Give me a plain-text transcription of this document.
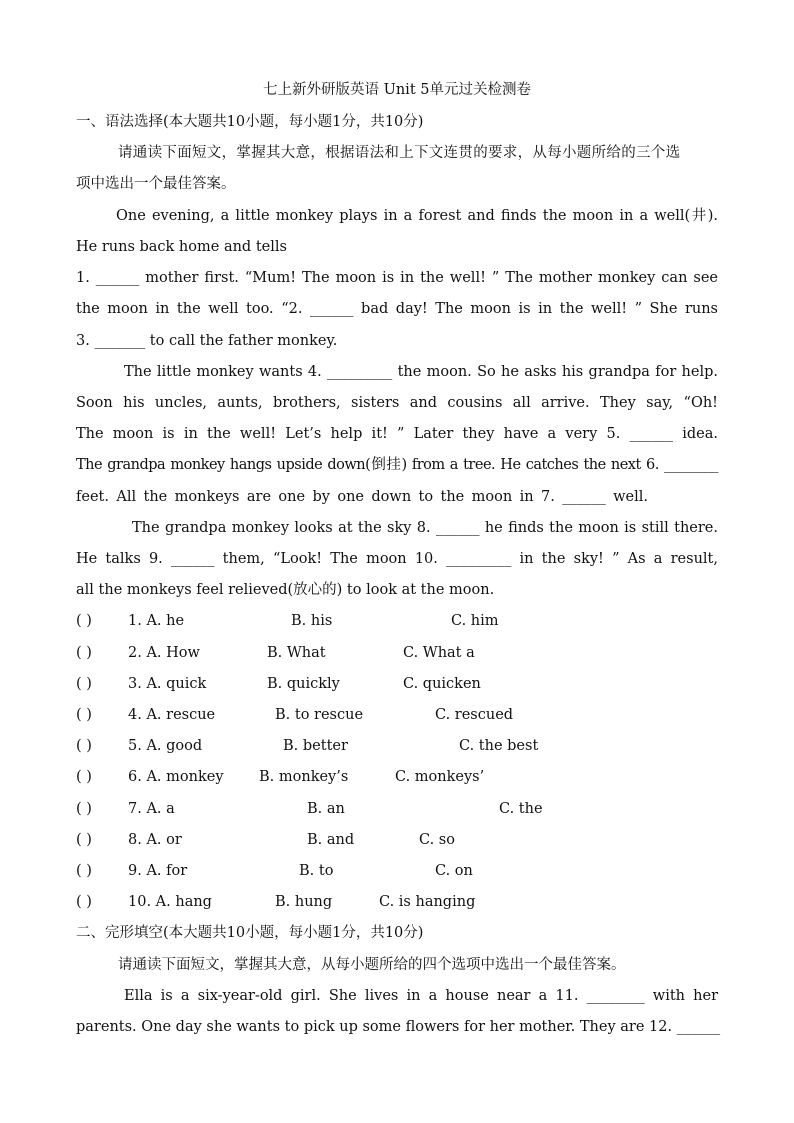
七上新外研版英语 Unit 5单元过关检测卷
一、语法选择(本大题共10小题，每小题1分，共10分)
请通读下面短文，掌握其大意，根据语法和上下文连贯的要求，从每小题所给的三个选
项中选出一个最佳答案。
One evening, a little monkey plays in a forest and finds the moon in a well(井).
He runs back home and tells
1. ______ mother first. “Mum! The moon is in the well! ” The mother monkey can see
the moon in the well too. “2. ______ bad day! The moon is in the well! ” She runs
3. _______ to call the father monkey.
The little monkey wants 4. _________ the moon. So he asks his grandpa for help.
Soon his uncles, aunts, brothers, sisters and cousins all arrive. They say, “Oh!
The moon is in the well! Let’s help it! ” Later they have a very 5. ______ idea.
The grandpa monkey hangs upside down(倒挂) from a tree. He catches the next 6. ________
feet. All the monkeys are one by one down to the moon in 7. ______ well.
The grandpa monkey looks at the sky 8. ______ he finds the moon is still there.
He talks 9. ______ them, “Look! The moon 10. _________ in the sky! ” As a result,
all the monkeys feel relieved(放心的) to look at the moon.
( ) 1. A. he	B. his	C. him
( ) 2. A. How	B. What	C. What a
( ) 3. A. quick	B. quickly	C. quicken
( ) 4. A. rescue	B. to rescue	C. rescued
( ) 5. A. good	B. better	C. the best
( ) 6. A. monkey B. monkey’s	C. monkeys’
( ) 7. A. a	B. an	C. the
( ) 8. A. or	B. and	C. so
( ) 9. A. for	B. to	C. on
( ) 10. A. hang	B. hung	C. is hanging
二、完形填空(本大题共10小题，每小题1分，共10分)
请通读下面短文，掌握其大意，从每小题所给的四个选项中选出一个最佳答案。
Ella is a six-year-old girl. She lives in a house near a 11. ________ with her
parents. One day she wants to pick up some flowers for her mother. They are 12. ______
